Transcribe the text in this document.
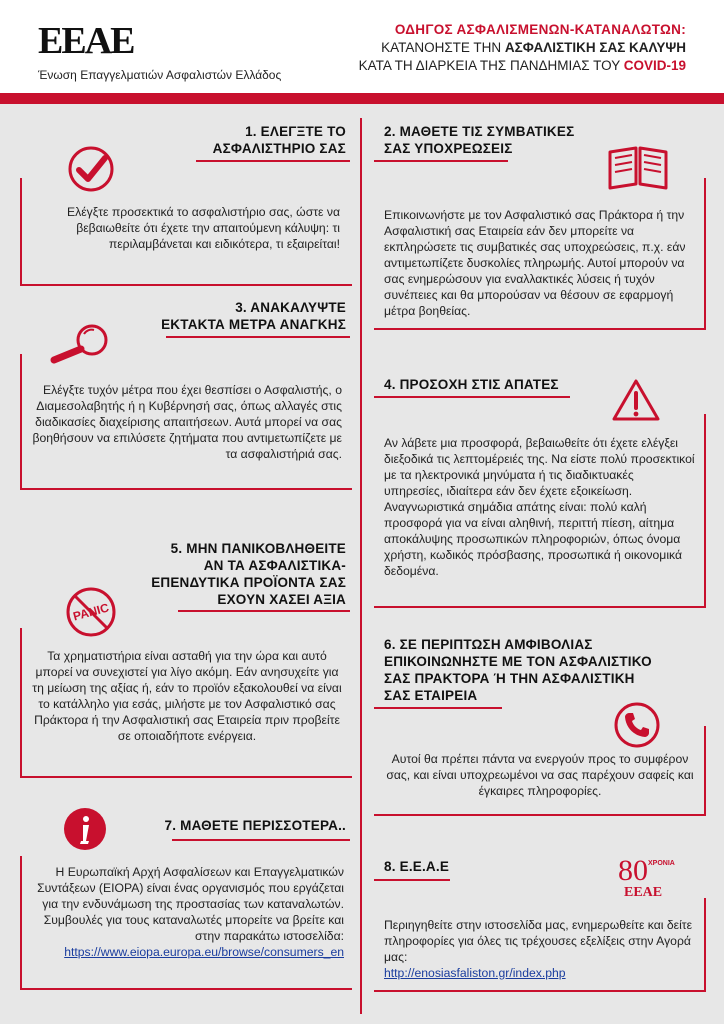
ΕΕΑΕ
Ένωση Επαγγελματιών Ασφαλιστών Ελλάδος
ΟΔΗΓΟΣ ΑΣΦΑΛΙΣΜΕΝΩΝ-ΚΑΤΑΝΑΛΩΤΩΝ:
ΚΑΤΑΝΟΗΣΤΕ ΤΗΝ ΑΣΦΑΛΙΣΤΙΚΗ ΣΑΣ ΚΑΛΥΨΗ
ΚΑΤΑ ΤΗ ΔΙΑΡΚΕΙΑ ΤΗΣ ΠΑΝΔΗΜΙΑΣ ΤΟΥ COVID-19
1. ΕΛΕΓΞΤΕ ΤΟ
ΑΣΦΑΛΙΣΤΗΡΙΟ ΣΑΣ
Ελέγξτε προσεκτικά το ασφαλιστήριο σας, ώστε να βεβαιωθείτε ότι έχετε την απαιτούμενη κάλυψη: τι περιλαμβάνεται και ειδικότερα, τι εξαιρείται!
2. ΜΑΘΕΤΕ ΤΙΣ ΣΥΜΒΑΤΙΚΕΣ
ΣΑΣ ΥΠΟΧΡΕΩΣΕΙΣ
Επικοινωνήστε με τον Ασφαλιστικό σας Πράκτορα ή την Ασφαλιστική σας Εταιρεία εάν δεν μπορείτε να εκπληρώσετε τις συμβατικές σας υποχρεώσεις, π.χ. εάν αντιμετωπίζετε δυσκολίες πληρωμής. Αυτοί μπορούν να σας ενημερώσουν για εναλλακτικές λύσεις ή τυχόν συνέπειες και θα μπορούσαν να θέσουν σε εφαρμογή μέτρα βοηθείας.
3. ΑΝΑΚΑΛΥΨΤΕ
ΕΚΤΑΚΤΑ ΜΕΤΡΑ ΑΝΑΓΚΗΣ
Ελέγξτε τυχόν μέτρα που έχει θεσπίσει ο Ασφαλιστής, ο Διαμεσολαβητής ή η Κυβέρνησή σας, όπως αλλαγές στις διαδικασίες διαχείρισης απαιτήσεων. Αυτά μπορεί να σας βοηθήσουν να επιλύσετε ζητήματα που αντιμετωπίζετε με τα ασφαλιστήριά σας.
4. ΠΡΟΣΟΧΗ ΣΤΙΣ ΑΠΑΤΕΣ
Αν λάβετε μια προσφορά, βεβαιωθείτε ότι έχετε ελέγξει διεξοδικά τις λεπτομέρειές της. Να είστε πολύ προσεκτικοί με τα ηλεκτρονικά μηνύματα ή τις διαδικτυακές υπηρεσίες, ιδιαίτερα εάν δεν έχετε εξοικείωση. Αναγνωριστικά σημάδια απάτης είναι: πολύ καλή προσφορά για να είναι αληθινή, περιττή πίεση, αίτημα αποκάλυψης προσωπικών πληροφοριών, όπως όνομα χρήστη, κωδικός πρόσβασης, προσωπικά ή οικονομικά δεδομένα.
5. ΜΗΝ ΠΑΝΙΚΟΒΛΗΘΕΙΤΕ
ΑΝ ΤΑ ΑΣΦΑΛΙΣΤΙΚΑ-
ΕΠΕΝΔΥΤΙΚΑ ΠΡΟΪΟΝΤΑ ΣΑΣ
ΕΧΟΥΝ ΧΑΣΕΙ ΑΞΙΑ
PANIC
Τα χρηματιστήρια είναι ασταθή για την ώρα και αυτό μπορεί να συνεχιστεί για λίγο ακόμη. Εάν ανησυχείτε για τη μείωση της αξίας ή, εάν το προϊόν εξακολουθεί να είναι το κατάλληλο για εσάς, μιλήστε με τον Ασφαλιστικό σας Πράκτορα ή την Ασφαλιστική σας Εταιρεία πριν προβείτε σε οποιαδήποτε ενέργεια.
6. ΣΕ ΠΕΡΙΠΤΩΣΗ ΑΜΦΙΒΟΛΙΑΣ
ΕΠΙΚΟΙΝΩΝΗΣΤΕ ΜΕ ΤΟΝ ΑΣΦΑΛΙΣΤΙΚΟ
ΣΑΣ ΠΡΑΚΤΟΡΑ Ή ΤΗΝ ΑΣΦΑΛΙΣΤΙΚΗ
ΣΑΣ ΕΤΑΙΡΕΙΑ
Αυτοί θα πρέπει πάντα να ενεργούν προς το συμφέρον σας, και είναι υποχρεωμένοι να σας παρέχουν σαφείς και έγκαιρες πληροφορίες.
7. ΜΑΘΕΤΕ ΠΕΡΙΣΣΟΤΕΡΑ..
Η Ευρωπαϊκή Αρχή Ασφαλίσεων και Επαγγελματικών Συντάξεων (EIOPA) είναι ένας οργανισμός που εργάζεται για την ενδυνάμωση της προστασίας των καταναλωτών. Συμβουλές για τους καταναλωτές μπορείτε να βρείτε και στην παρακάτω ιστοσελίδα:
https://www.eiopa.europa.eu/browse/consumers_en
8. Ε.Ε.Α.Ε	80 ΧΡΟΝΙΑ
ΕΕΑΕ
Περιηγηθείτε στην ιστοσελίδα μας, ενημερωθείτε και δείτε πληροφορίες για όλες τις τρέχουσες εξελίξεις στην Αγορά μας:
http://enosiasfaliston.gr/index.php
